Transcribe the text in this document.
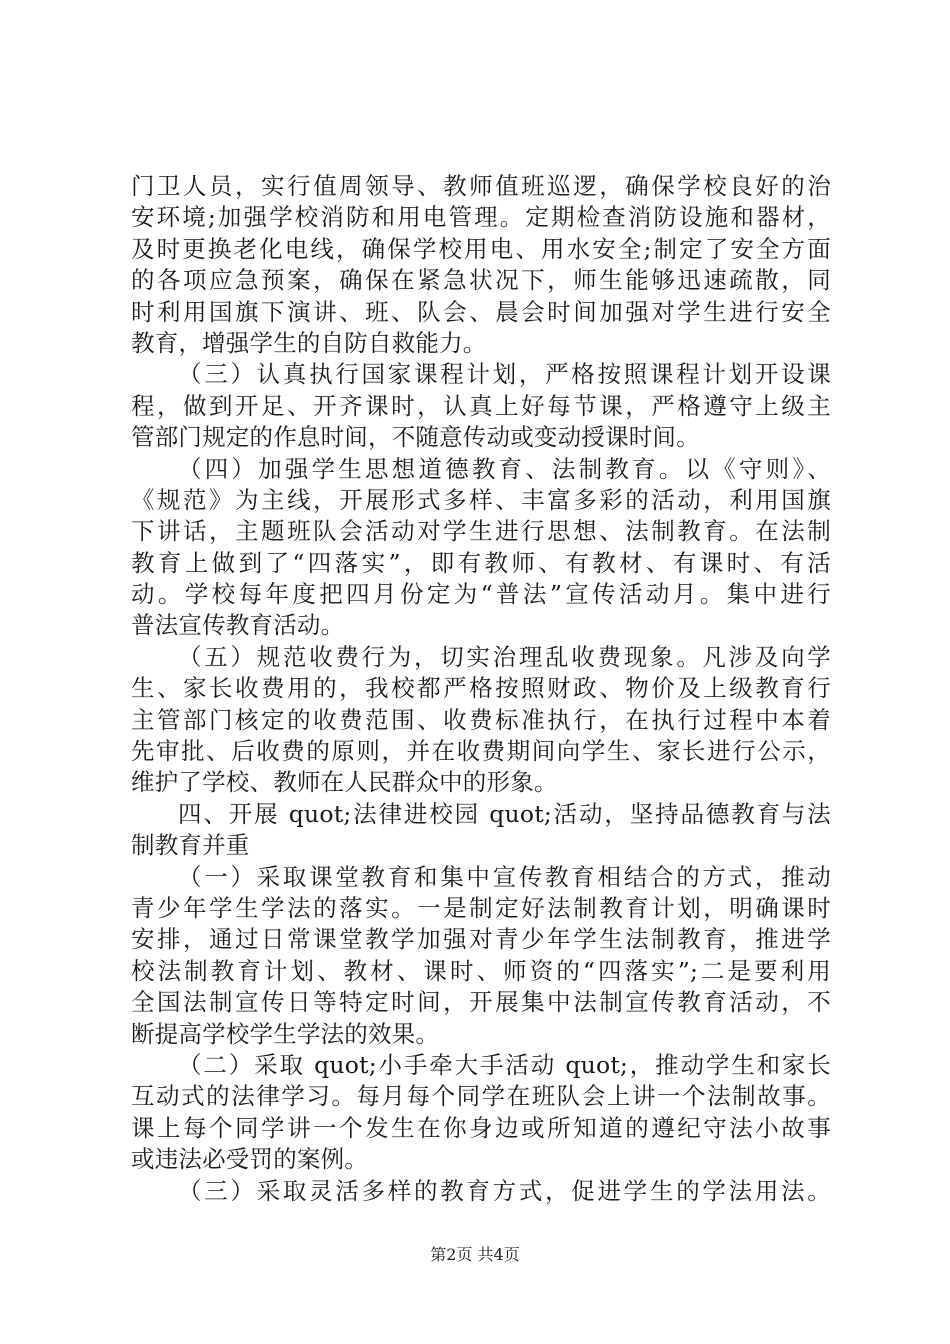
门卫人员，实行值周领导、教师值班巡逻，确保学校良好的治
安环境;加强学校消防和用电管理。定期检查消防设施和器材，
及时更换老化电线，确保学校用电、用水安全;制定了安全方面
的各项应急预案，确保在紧急状况下，师生能够迅速疏散，同
时利用国旗下演讲、班、队会、晨会时间加强对学生进行安全
教育，增强学生的自防自救能力。
（三）认真执行国家课程计划，严格按照课程计划开设课
程，做到开足、开齐课时，认真上好每节课，严格遵守上级主
管部门规定的作息时间，不随意传动或变动授课时间。
（四）加强学生思想道德教育、法制教育。以《守则》、
《规范》为主线，开展形式多样、丰富多彩的活动，利用国旗
下讲话，主题班队会活动对学生进行思想、法制教育。在法制
教育上做到了“四落实”，即有教师、有教材、有课时、有活
动。学校每年度把四月份定为“普法”宣传活动月。集中进行
普法宣传教育活动。
（五）规范收费行为，切实治理乱收费现象。凡涉及向学
生、家长收费用的，我校都严格按照财政、物价及上级教育行
主管部门核定的收费范围、收费标准执行，在执行过程中本着
先审批、后收费的原则，并在收费期间向学生、家长进行公示，
维护了学校、教师在人民群众中的形象。
四、开展 quot;法律进校园 quot;活动，坚持品德教育与法
制教育并重
（一）采取课堂教育和集中宣传教育相结合的方式，推动
青少年学生学法的落实。一是制定好法制教育计划，明确课时
安排，通过日常课堂教学加强对青少年学生法制教育，推进学
校法制教育计划、教材、课时、师资的“四落实”;二是要利用
全国法制宣传日等特定时间，开展集中法制宣传教育活动，不
断提高学校学生学法的效果。
（二）采取 quot;小手牵大手活动 quot;，推动学生和家长
互动式的法律学习。每月每个同学在班队会上讲一个法制故事。
课上每个同学讲一个发生在你身边或所知道的遵纪守法小故事
或违法必受罚的案例。
（三）采取灵活多样的教育方式，促进学生的学法用法。
第2页 共4页
